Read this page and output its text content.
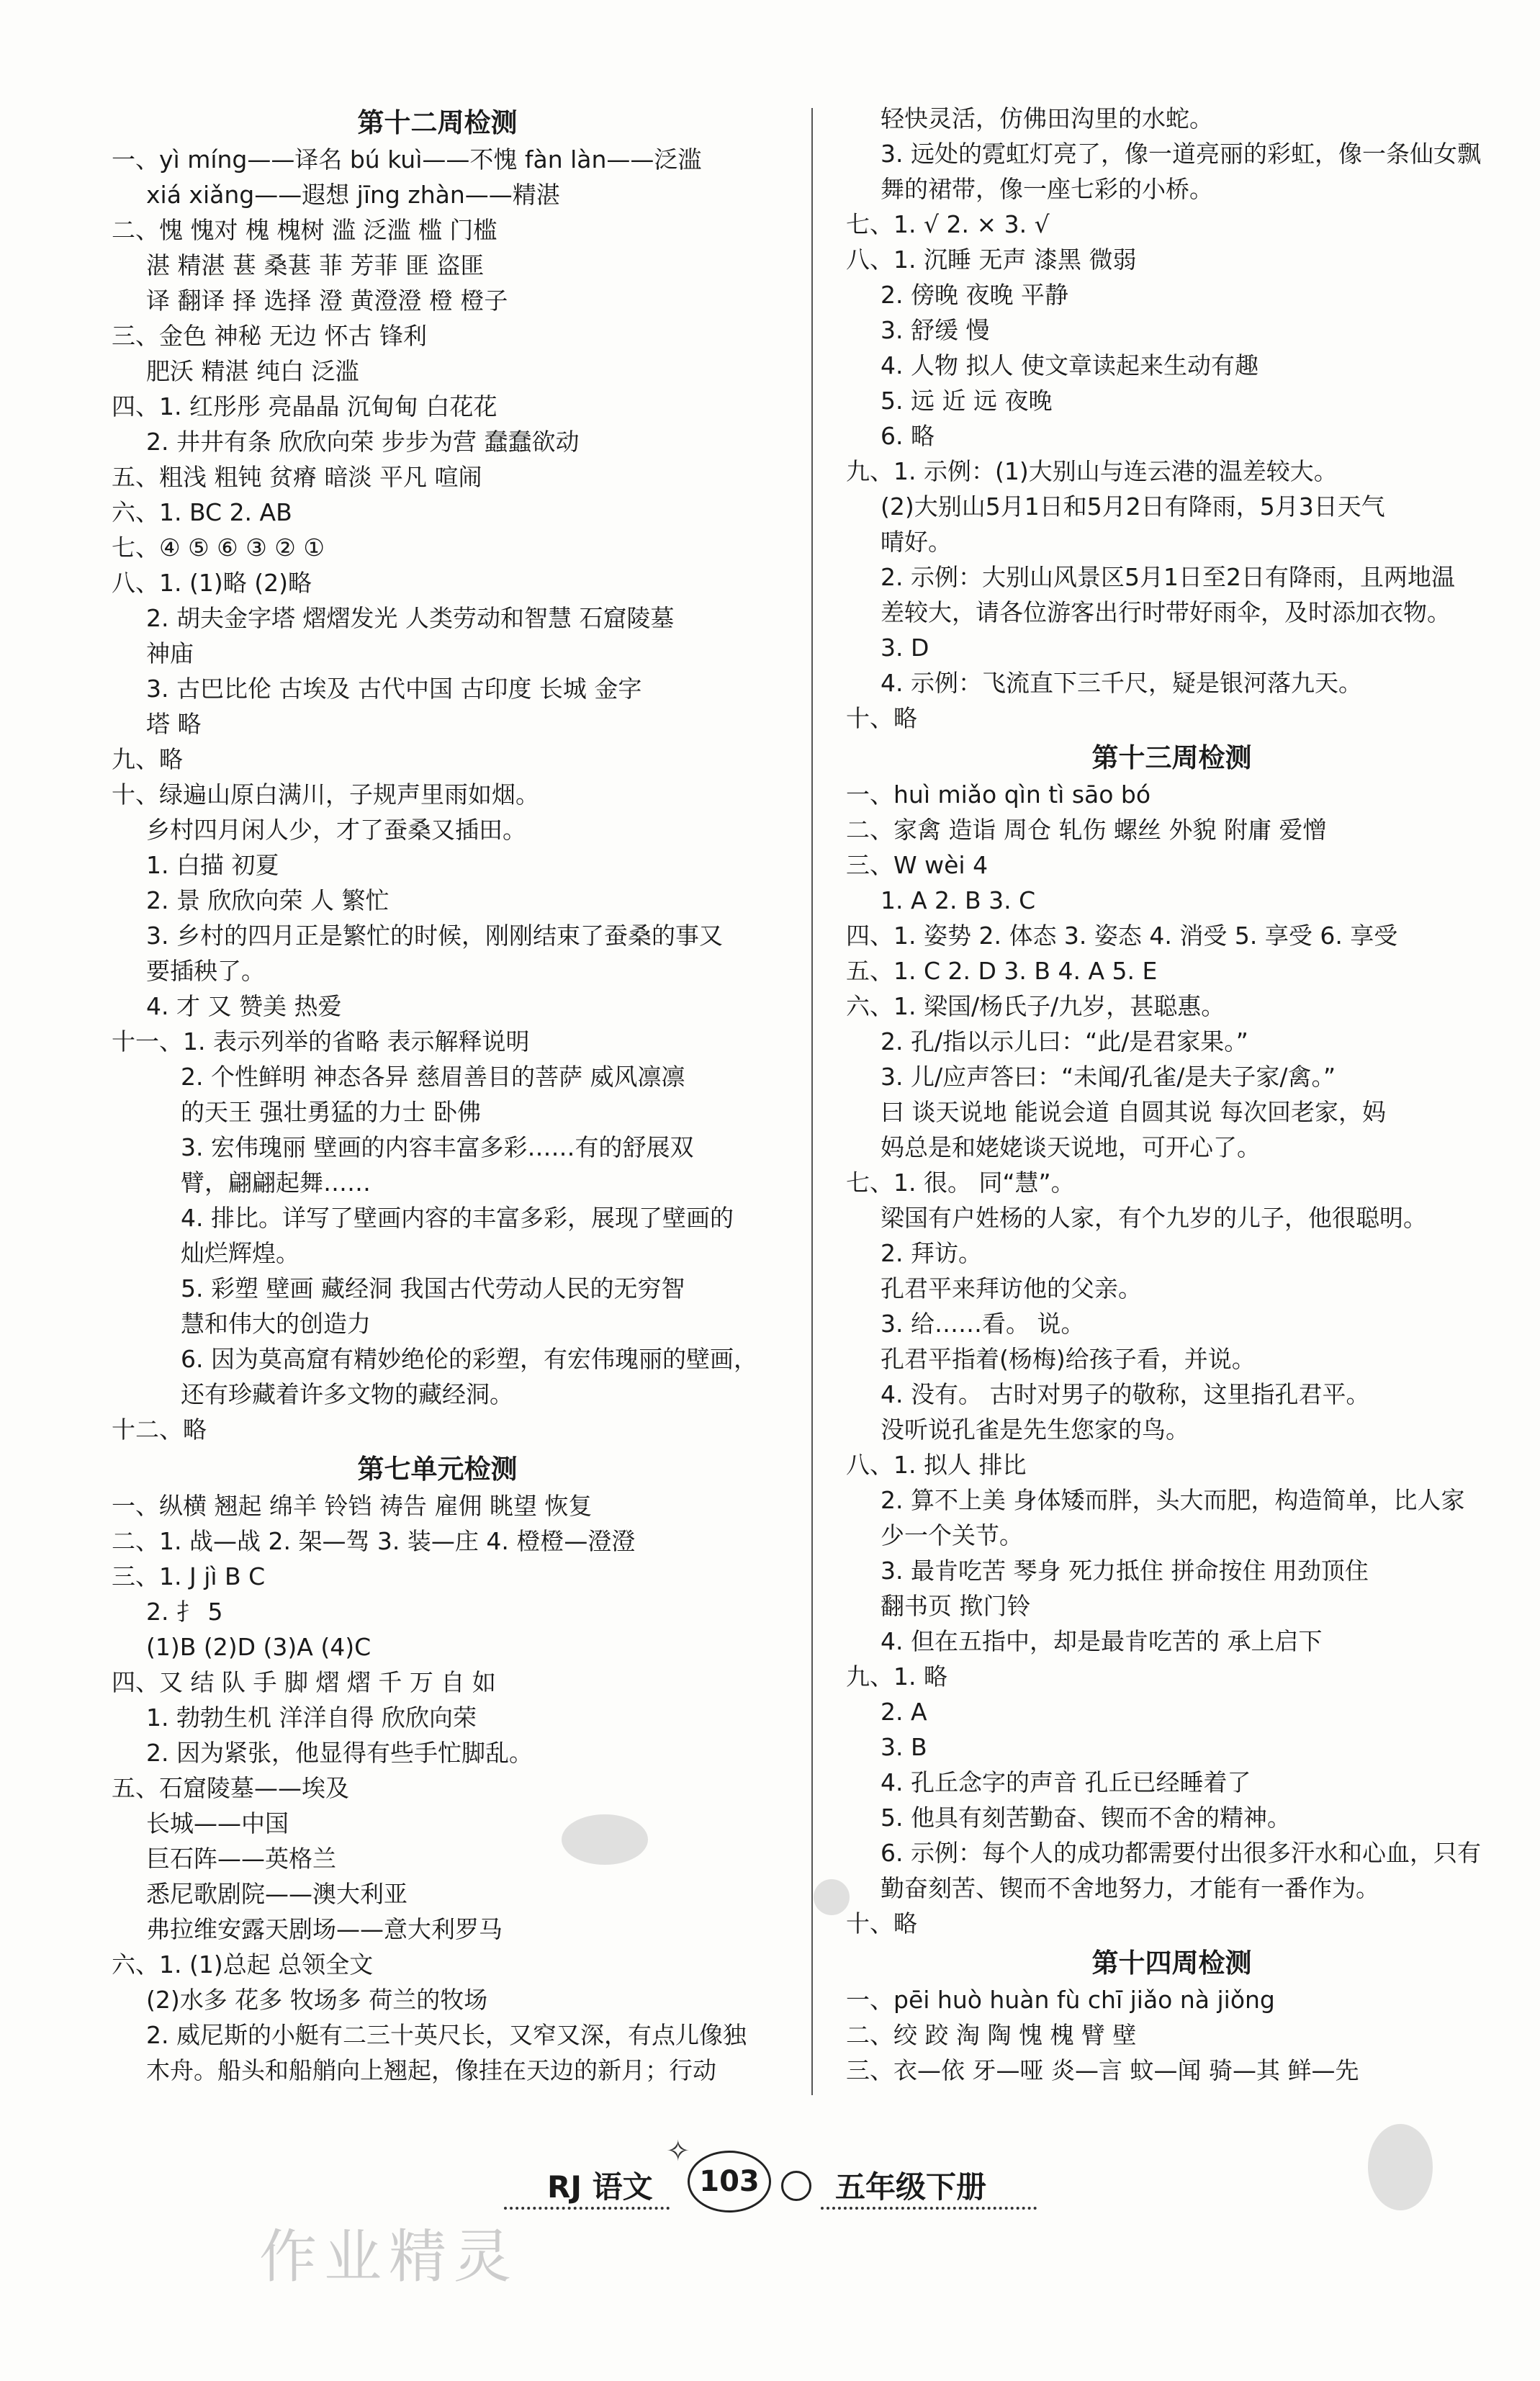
第十二周检测
一、yì míng——译名 bú kuì——不愧 fàn làn——泛滥
xiá xiǎng——遐想 jīng zhàn——精湛
二、愧 愧对 槐 槐树 滥 泛滥 槛 门槛
湛 精湛 葚 桑葚 菲 芳菲 匪 盗匪
译 翻译 择 选择 澄 黄澄澄 橙 橙子
三、金色 神秘 无边 怀古 锋利
肥沃 精湛 纯白 泛滥
四、1. 红彤彤 亮晶晶 沉甸甸 白花花
2. 井井有条 欣欣向荣 步步为营 蠢蠢欲动
五、粗浅 粗钝 贫瘠 暗淡 平凡 喧闹
六、1. BC 2. AB
七、④ ⑤ ⑥ ③ ② ①
八、1. (1)略 (2)略
2. 胡夫金字塔 熠熠发光 人类劳动和智慧 石窟陵墓
神庙
3. 古巴比伦 古埃及 古代中国 古印度 长城 金字
塔 略
九、略
十、绿遍山原白满川，子规声里雨如烟。
乡村四月闲人少，才了蚕桑又插田。
1. 白描 初夏
2. 景 欣欣向荣 人 繁忙
3. 乡村的四月正是繁忙的时候，刚刚结束了蚕桑的事又
要插秧了。
4. 才 又 赞美 热爱
十一、1. 表示列举的省略 表示解释说明
2. 个性鲜明 神态各异 慈眉善目的菩萨 威风凛凛
的天王 强壮勇猛的力士 卧佛
3. 宏伟瑰丽 壁画的内容丰富多彩……有的舒展双
臂，翩翩起舞……
4. 排比。详写了壁画内容的丰富多彩，展现了壁画的
灿烂辉煌。
5. 彩塑 壁画 藏经洞 我国古代劳动人民的无穷智
慧和伟大的创造力
6. 因为莫高窟有精妙绝伦的彩塑，有宏伟瑰丽的壁画，
还有珍藏着许多文物的藏经洞。
十二、略
第七单元检测
一、纵横 翘起 绵羊 铃铛 祷告 雇佣 眺望 恢复
二、1. 战—战 2. 架—驾 3. 装—庄 4. 橙橙—澄澄
三、1. J jì B C
2. 扌 5
(1)B (2)D (3)A (4)C
四、又 结 队 手 脚 熠 熠 千 万 自 如
1. 勃勃生机 洋洋自得 欣欣向荣
2. 因为紧张，他显得有些手忙脚乱。
五、石窟陵墓——埃及
长城——中国
巨石阵——英格兰
悉尼歌剧院——澳大利亚
弗拉维安露天剧场——意大利罗马
六、1. (1)总起 总领全文
(2)水多 花多 牧场多 荷兰的牧场
2. 威尼斯的小艇有二三十英尺长，又窄又深，有点儿像独
木舟。船头和船艄向上翘起，像挂在天边的新月；行动
轻快灵活，仿佛田沟里的水蛇。
3. 远处的霓虹灯亮了，像一道亮丽的彩虹，像一条仙女飘
舞的裙带，像一座七彩的小桥。
七、1. √ 2. × 3. √
八、1. 沉睡 无声 漆黑 微弱
2. 傍晚 夜晚 平静
3. 舒缓 慢
4. 人物 拟人 使文章读起来生动有趣
5. 远 近 远 夜晚
6. 略
九、1. 示例：(1)大别山与连云港的温差较大。
(2)大别山5月1日和5月2日有降雨，5月3日天气
晴好。
2. 示例：大别山风景区5月1日至2日有降雨，且两地温
差较大，请各位游客出行时带好雨伞，及时添加衣物。
3. D
4. 示例：飞流直下三千尺，疑是银河落九天。
十、略
第十三周检测
一、huì miǎo qìn tì sāo bó
二、家禽 造诣 周仓 轧伤 螺丝 外貌 附庸 爱憎
三、W wèi 4
1. A 2. B 3. C
四、1. 姿势 2. 体态 3. 姿态 4. 消受 5. 享受 6. 享受
五、1. C 2. D 3. B 4. A 5. E
六、1. 梁国/杨氏子/九岁，甚聪惠。
2. 孔/指以示儿曰：“此/是君家果。”
3. 儿/应声答曰：“未闻/孔雀/是夫子家/禽。”
曰 谈天说地 能说会道 自圆其说 每次回老家，妈
妈总是和姥姥谈天说地，可开心了。
七、1. 很。 同“慧”。
梁国有户姓杨的人家，有个九岁的儿子，他很聪明。
2. 拜访。
孔君平来拜访他的父亲。
3. 给……看。 说。
孔君平指着(杨梅)给孩子看，并说。
4. 没有。 古时对男子的敬称，这里指孔君平。
没听说孔雀是先生您家的鸟。
八、1. 拟人 排比
2. 算不上美 身体矮而胖，头大而肥，构造简单，比人家
少一个关节。
3. 最肯吃苦 琴身 死力抵住 拼命按住 用劲顶住
翻书页 揿门铃
4. 但在五指中，却是最肯吃苦的 承上启下
九、1. 略
2. A
3. B
4. 孔丘念字的声音 孔丘已经睡着了
5. 他具有刻苦勤奋、锲而不舍的精神。
6. 示例：每个人的成功都需要付出很多汗水和心血，只有
勤奋刻苦、锲而不舍地努力，才能有一番作为。
十、略
第十四周检测
一、pēi huò huàn fù chī jiǎo nà jiǒng
二、绞 跤 淘 陶 愧 槐 臂 壁
三、衣—依 牙—哑 炎—言 蚊—闻 骑—其 鲜—先
✧
RJ 语文	103	五年级下册
作业精灵
